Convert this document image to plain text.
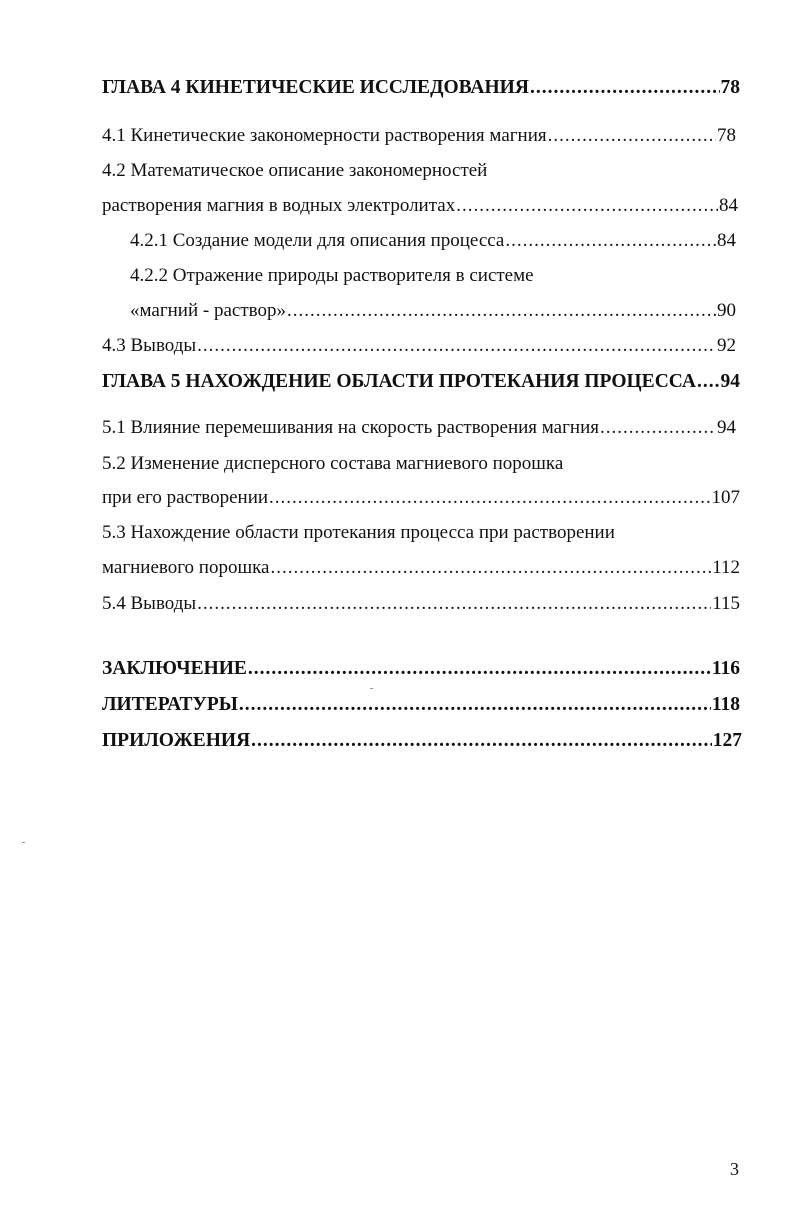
ГЛАВА 4 КИНЕТИЧЕСКИЕ ИССЛЕДОВАНИЯ .....	78
4.1 Кинетические закономерности растворения магния .....	78
4.2 Математическое описание закономерностей
растворения магния в водных электролитах .....	84
4.2.1 Создание модели для описания процесса .....	84
4.2.2 Отражение природы растворителя в системе
«магний - раствор» .....	90
4.3 Выводы .....	92
ГЛАВА 5 НАХОЖДЕНИЕ ОБЛАСТИ ПРОТЕКАНИЯ ПРОЦЕССА ..... 94
5.1 Влияние перемешивания на скорость растворения магния .....	94
5.2 Изменение дисперсного состава магниевого порошка
при его растворении .....	107
5.3 Нахождение области протекания процесса при растворении
магниевого порошка .....	112
5.4 Выводы .....	115
ЗАКЛЮЧЕНИЕ .....	116
ЛИТЕРАТУРЫ .....	118
ПРИЛОЖЕНИЯ .....	127
3
